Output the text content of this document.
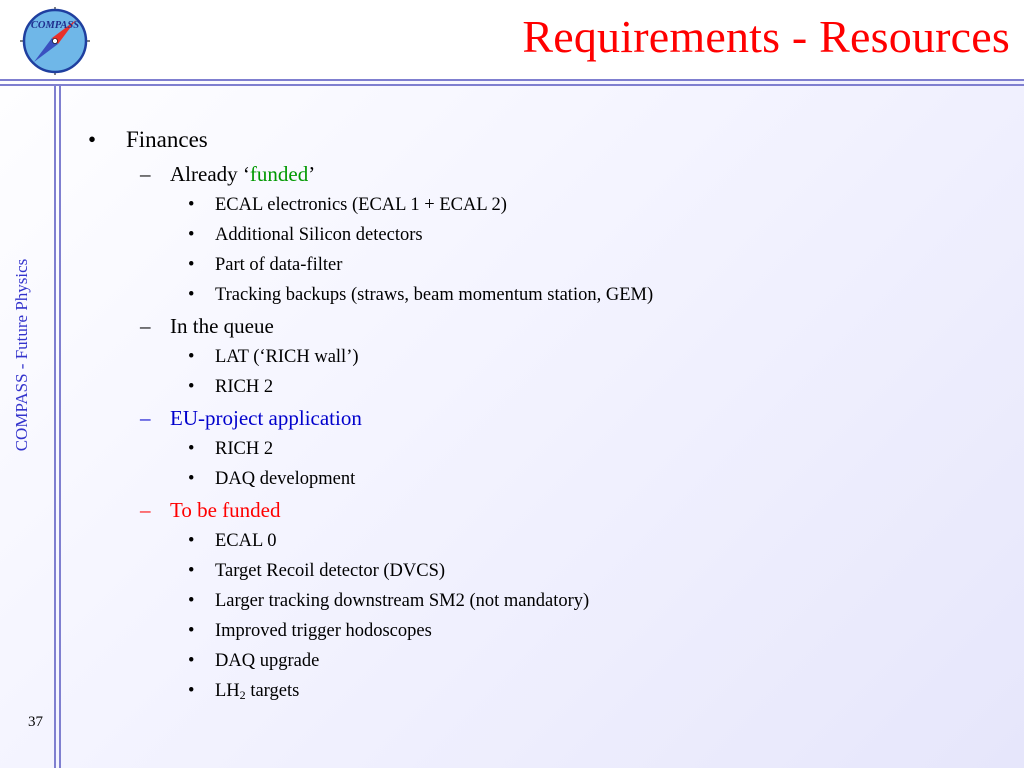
COMPASS	Requirements - Resources
COMPASS - Future Physics
37
• Finances
– Already ‘funded’
• ECAL electronics (ECAL 1 + ECAL 2)
• Additional Silicon detectors
• Part of data-filter
• Tracking backups (straws, beam momentum station, GEM)
– In the queue
• LAT (‘RICH wall’)
• RICH 2
– EU-project application
• RICH 2
• DAQ development
– To be funded
• ECAL 0
• Target Recoil detector (DVCS)
• Larger tracking downstream SM2 (not mandatory)
• Improved trigger hodoscopes
• DAQ upgrade
• $LH_2$ targets
